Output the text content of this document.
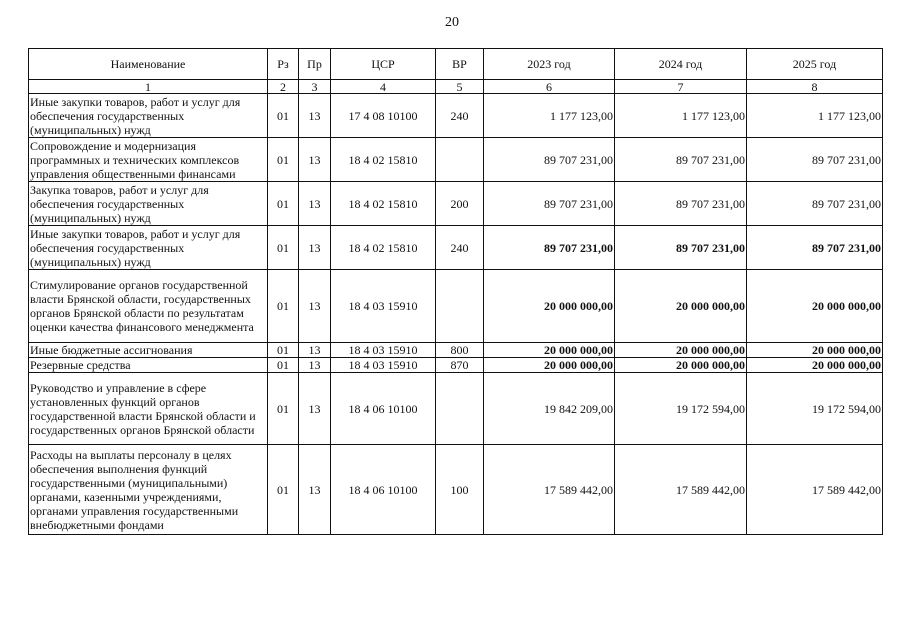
20
Наименование	Рз	Пр	ЦСР	ВР	2023 год	2024 год	2025 год
1	2	3	4	5	6	7	8
Иные закупки товаров, работ и услуг для обеспечения государственных (муниципальных) нужд	01	13	17 4 08 10100	240	1 177 123,00	1 177 123,00	1 177 123,00
Сопровождение и модернизация программных и технических комплексов управления общественными финансами	01	13	18 4 02 15810		89 707 231,00	89 707 231,00	89 707 231,00
Закупка товаров, работ и услуг для обеспечения государственных (муниципальных) нужд	01	13	18 4 02 15810	200	89 707 231,00	89 707 231,00	89 707 231,00
Иные закупки товаров, работ и услуг для обеспечения государственных (муниципальных) нужд	01	13	18 4 02 15810	240	89 707 231,00	89 707 231,00	89 707 231,00
Стимулирование органов государственной власти Брянской области, государственных органов Брянской области по результатам оценки качества финансового менеджмента	01	13	18 4 03 15910		20 000 000,00	20 000 000,00	20 000 000,00
Иные бюджетные ассигнования	01	13	18 4 03 15910	800	20 000 000,00	20 000 000,00	20 000 000,00
Резервные средства	01	13	18 4 03 15910	870	20 000 000,00	20 000 000,00	20 000 000,00
Руководство и управление в сфере установленных функций органов государственной власти Брянской области и государственных органов Брянской области	01	13	18 4 06 10100		19 842 209,00	19 172 594,00	19 172 594,00
Расходы на выплаты персоналу в целях обеспечения выполнения функций государственными (муниципальными) органами, казенными учреждениями, органами управления государственными внебюджетными фондами	01	13	18 4 06 10100	100	17 589 442,00	17 589 442,00	17 589 442,00
